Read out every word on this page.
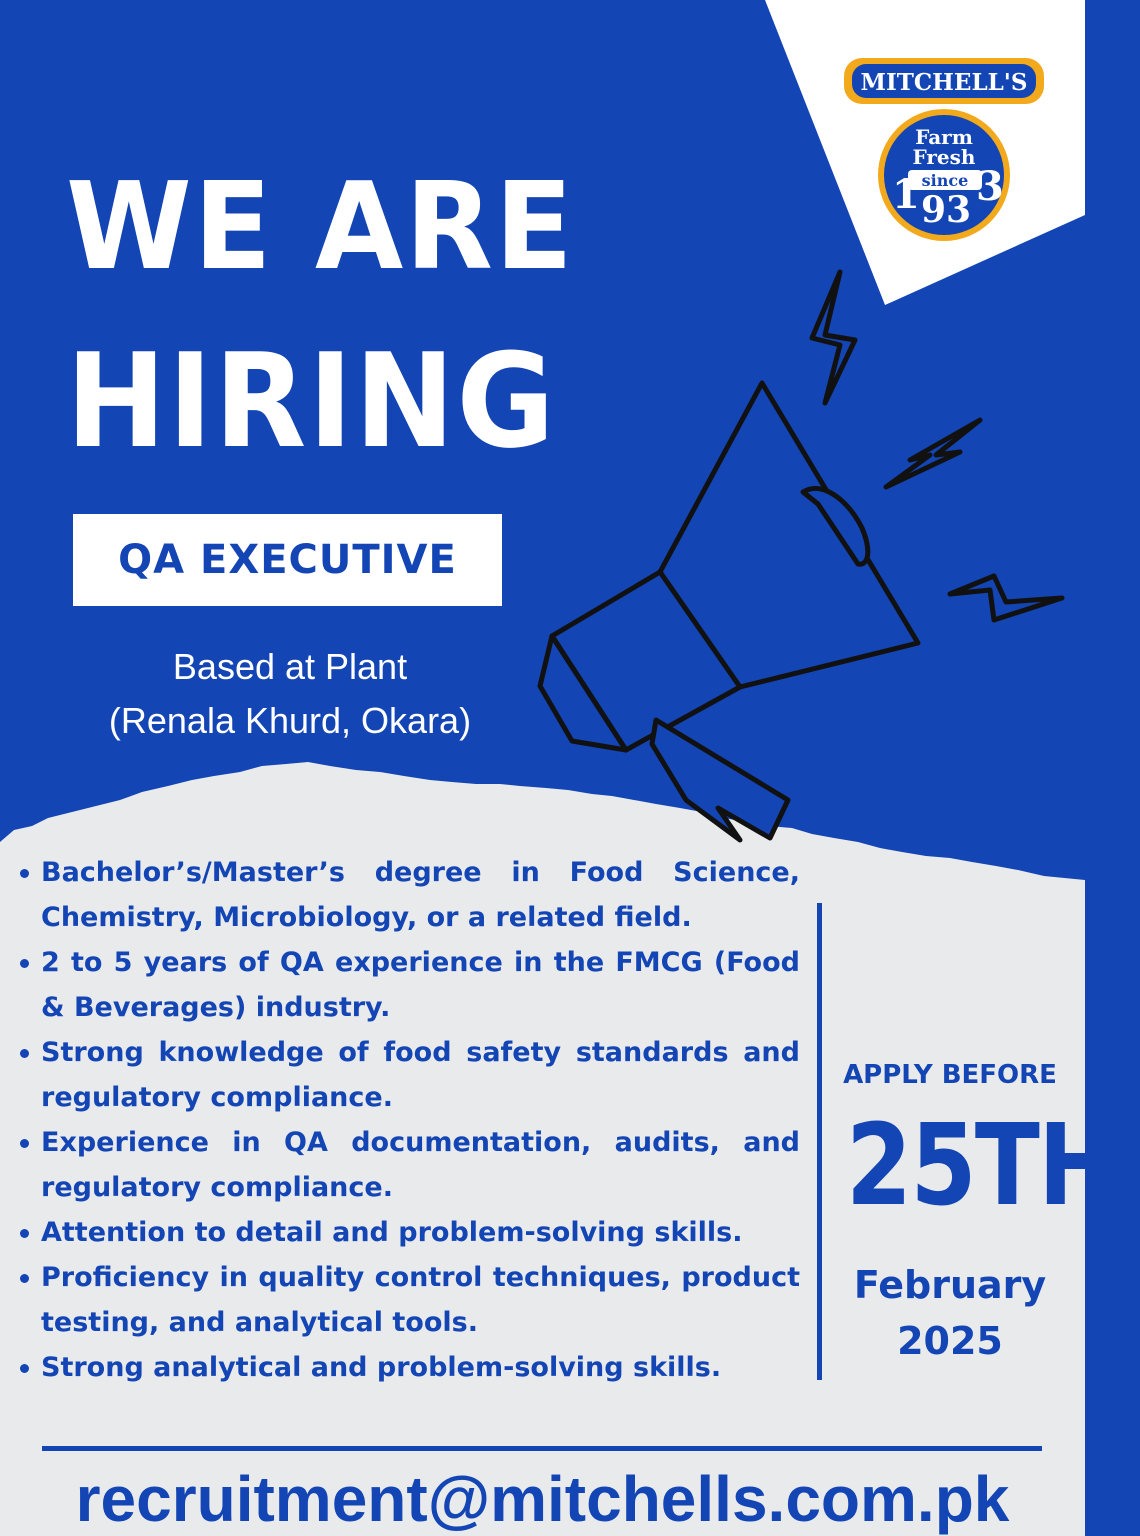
MITCHELL'S
Farm
Fresh
since
1 93 3
WE ARE
HIRING
QA EXECUTIVE
Based at Plant
(Renala Khurd, Okara)
Bachelor’s/Master’s degree in Food Science, Chemistry, Microbiology, or a related field.
2 to 5 years of QA experience in the FMCG (Food & Beverages) industry.
Strong knowledge of food safety standards and regulatory compliance.
Experience in QA documentation, audits, and regulatory compliance.
Attention to detail and problem-solving skills.
Proficiency in quality control techniques, product testing, and analytical tools.
Strong analytical and problem-solving skills.
APPLY BEFORE
25TH
February
2025
recruitment@mitchells.com.pk
